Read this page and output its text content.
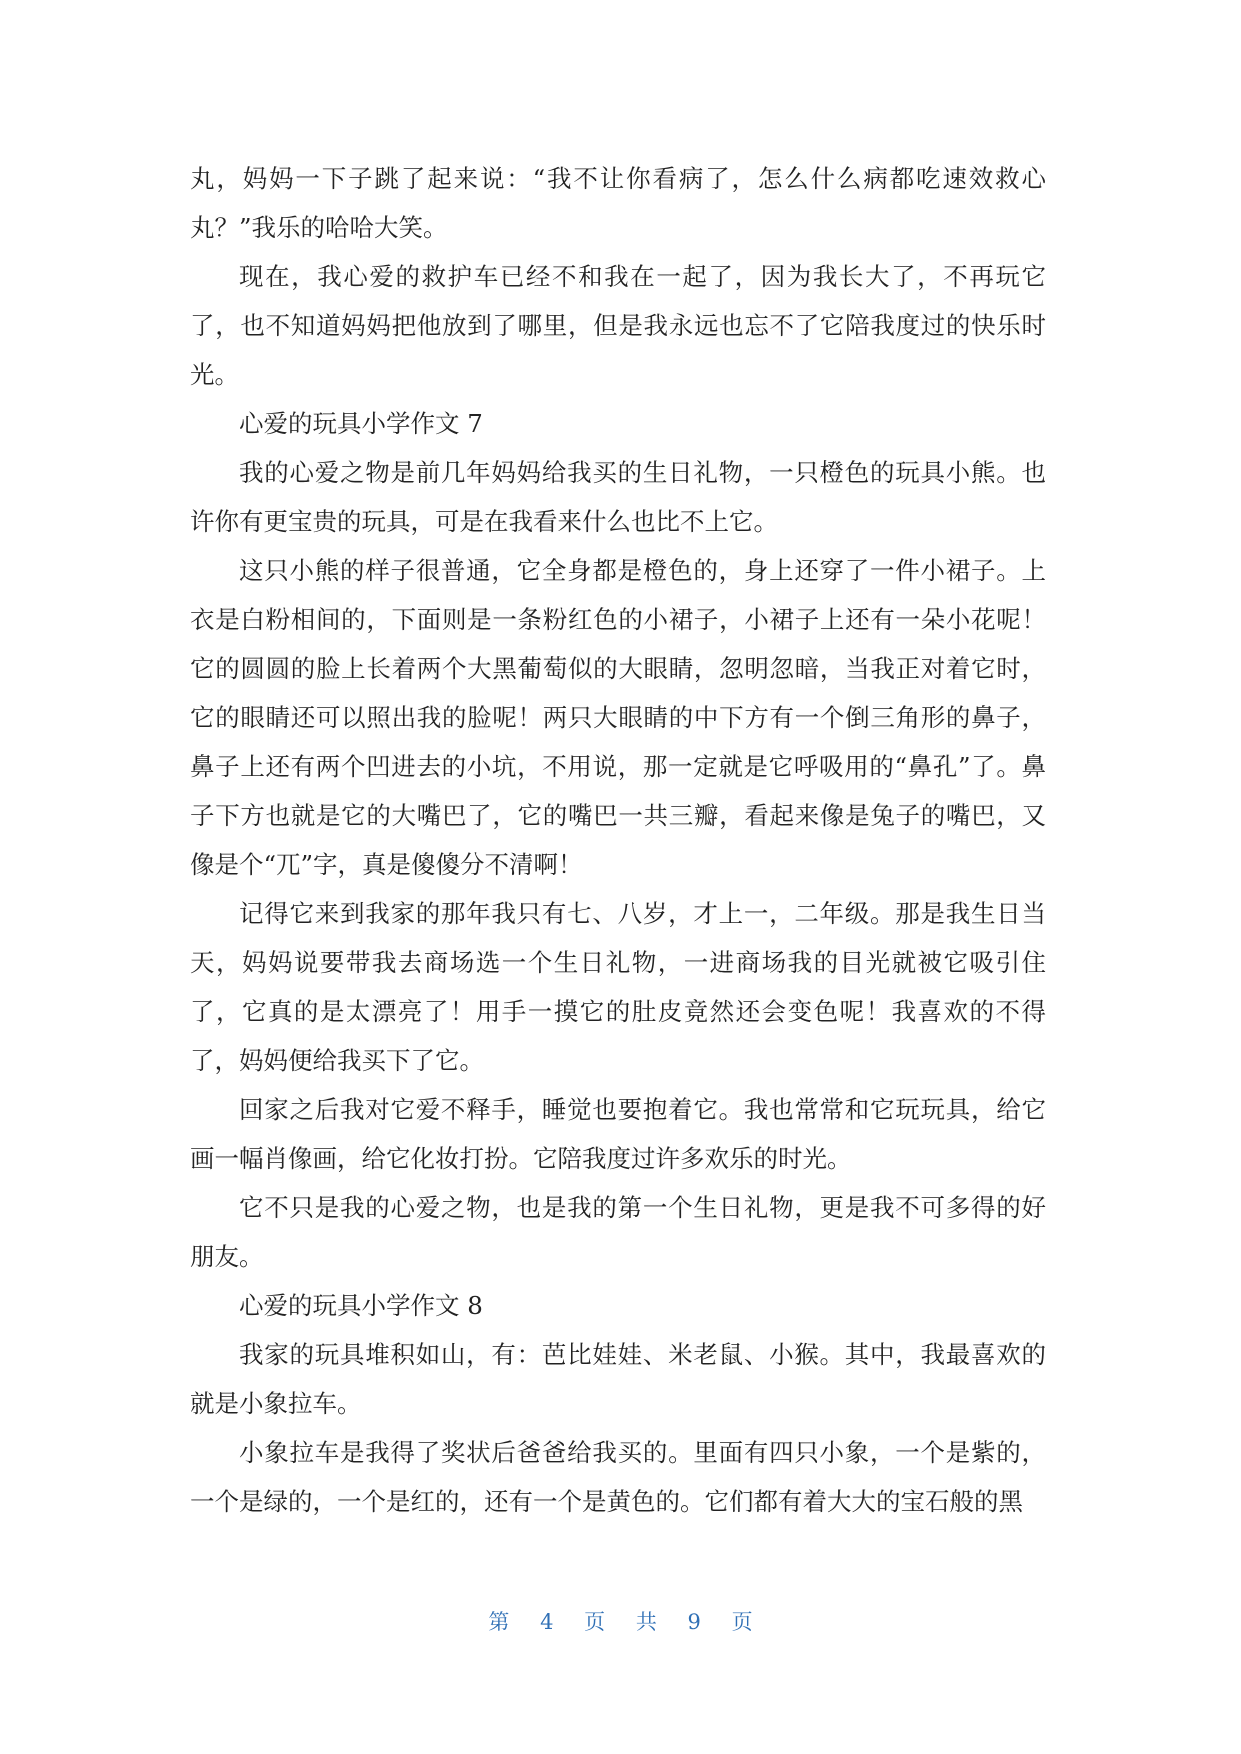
丸，妈妈一下子跳了起来说：“我不让你看病了，怎么什么病都吃速效救心丸？”我乐的哈哈大笑。

现在，我心爱的救护车已经不和我在一起了，因为我长大了，不再玩它了，也不知道妈妈把他放到了哪里，但是我永远也忘不了它陪我度过的快乐时光。

心爱的玩具小学作文 7

我的心爱之物是前几年妈妈给我买的生日礼物，一只橙色的玩具小熊。也许你有更宝贵的玩具，可是在我看来什么也比不上它。

这只小熊的样子很普通，它全身都是橙色的，身上还穿了一件小裙子。上衣是白粉相间的，下面则是一条粉红色的小裙子，小裙子上还有一朵小花呢！它的圆圆的脸上长着两个大黑葡萄似的大眼睛，忽明忽暗，当我正对着它时，它的眼睛还可以照出我的脸呢！两只大眼睛的中下方有一个倒三角形的鼻子，鼻子上还有两个凹进去的小坑，不用说，那一定就是它呼吸用的“鼻孔”了。鼻子下方也就是它的大嘴巴了，它的嘴巴一共三瓣，看起来像是兔子的嘴巴，又像是个“兀”字，真是傻傻分不清啊！

记得它来到我家的那年我只有七、八岁，才上一，二年级。那是我生日当天，妈妈说要带我去商场选一个生日礼物，一进商场我的目光就被它吸引住了，它真的是太漂亮了！用手一摸它的肚皮竟然还会变色呢！我喜欢的不得了，妈妈便给我买下了它。

回家之后我对它爱不释手，睡觉也要抱着它。我也常常和它玩玩具，给它画一幅肖像画，给它化妆打扮。它陪我度过许多欢乐的时光。

它不只是我的心爱之物，也是我的第一个生日礼物，更是我不可多得的好朋友。

心爱的玩具小学作文 8

我家的玩具堆积如山，有：芭比娃娃、米老鼠、小猴。其中，我最喜欢的就是小象拉车。

小象拉车是我得了奖状后爸爸给我买的。里面有四只小象，一个是紫的，一个是绿的，一个是红的，还有一个是黄色的。它们都有着大大的宝石般的黑

第 4 页 共 9 页
